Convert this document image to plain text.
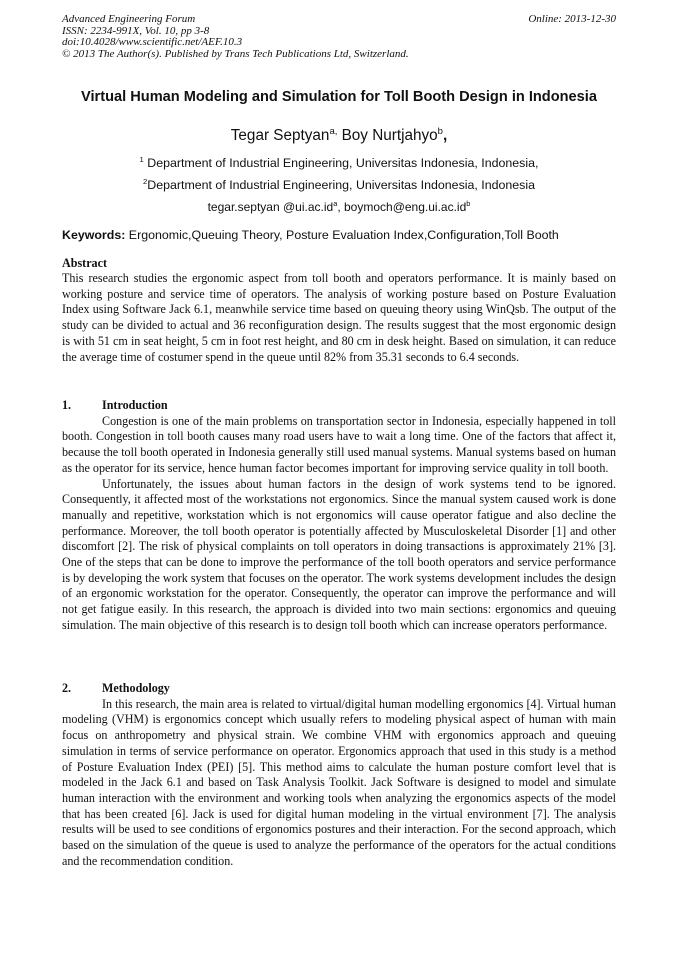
Advanced Engineering Forum
ISSN: 2234-991X, Vol. 10, pp 3-8
doi:10.4028/www.scientific.net/AEF.10.3
© 2013 The Author(s). Published by Trans Tech Publications Ltd, Switzerland.
Online: 2013-12-30
Virtual Human Modeling and Simulation for Toll Booth Design in Indonesia
Tegar Septyan$^{a,}$ Boy Nurtjahyo$^b$,
$^1$ Department of Industrial Engineering, Universitas Indonesia, Indonesia,
$^2$Department of Industrial Engineering, Universitas Indonesia, Indonesia
tegar.septyan $@ui.ac.id^a$, $boymoch@eng.ui.ac.id^b$
Keywords: Ergonomic,Queuing Theory, Posture Evaluation Index,Configuration,Toll Booth
Abstract
This research studies the ergonomic aspect from toll booth and operators performance. It is mainly based on working posture and service time of operators. The analysis of working posture based on Posture Evaluation Index using Software Jack 6.1, meanwhile service time based on queuing theory using WinQsb. The output of the study can be divided to actual and 36 reconfiguration design. The results suggest that the most ergonomic design is with 51 cm in seat height, 5 cm in foot rest height, and 80 cm in desk height. Based on simulation, it can reduce the average time of costumer spend in the queue until 82% from 35.31 seconds to 6.4 seconds.
1.	Introduction

Congestion is one of the main problems on transportation sector in Indonesia, especially happened in toll booth. Congestion in toll booth causes many road users have to wait a long time. One of the factors that affect it, because the toll booth operated in Indonesia generally still used manual systems. Manual systems based on human as the operator for its service, hence human factor becomes important for improving service quality in toll booth.

Unfortunately, the issues about human factors in the design of work systems tend to be ignored. Consequently, it affected most of the workstations not ergonomics. Since the manual system caused work is done manually and repetitive, workstation which is not ergonomics will cause operator fatigue and also decline the performance. Moreover, the toll booth operator is potentially affected by Musculoskeletal Disorder [1] and other discomfort [2]. The risk of physical complaints on toll operators in doing transactions is approximately 21% [3]. One of the steps that can be done to improve the performance of the toll booth operators and service performance is by developing the work system that focuses on the operator. The work systems development includes the design of an ergonomic workstation for the operator. Consequently, the operator can improve the performance and will not get fatigue easily. In this research, the approach is divided into two main sections: ergonomics and queuing simulation. The main objective of this research is to design toll booth which can increase operators performance.

2.	Methodology

In this research, the main area is related to virtual/digital human modelling ergonomics [4]. Virtual human modeling (VHM) is ergonomics concept which usually refers to modeling physical aspect of human with main focus on anthropometry and physical strain. We combine VHM with ergonomics approach and queuing simulation in terms of service performance on operator. Ergonomics approach that used in this study is a method of Posture Evaluation Index (PEI) [5]. This method aims to calculate the human posture comfort level that is modeled in the Jack 6.1 and based on Task Analysis Toolkit. Jack Software is designed to model and simulate human interaction with the environment and working tools when analyzing the ergonomics aspects of the model that has been created [6]. Jack is used for digital human modeling in the virtual environment [7]. The analysis results will be used to see conditions of ergonomics postures and their interaction. For the second approach, which based on the simulation of the queue is used to analyze the performance of the operators for the actual conditions and the recommendation condition.
